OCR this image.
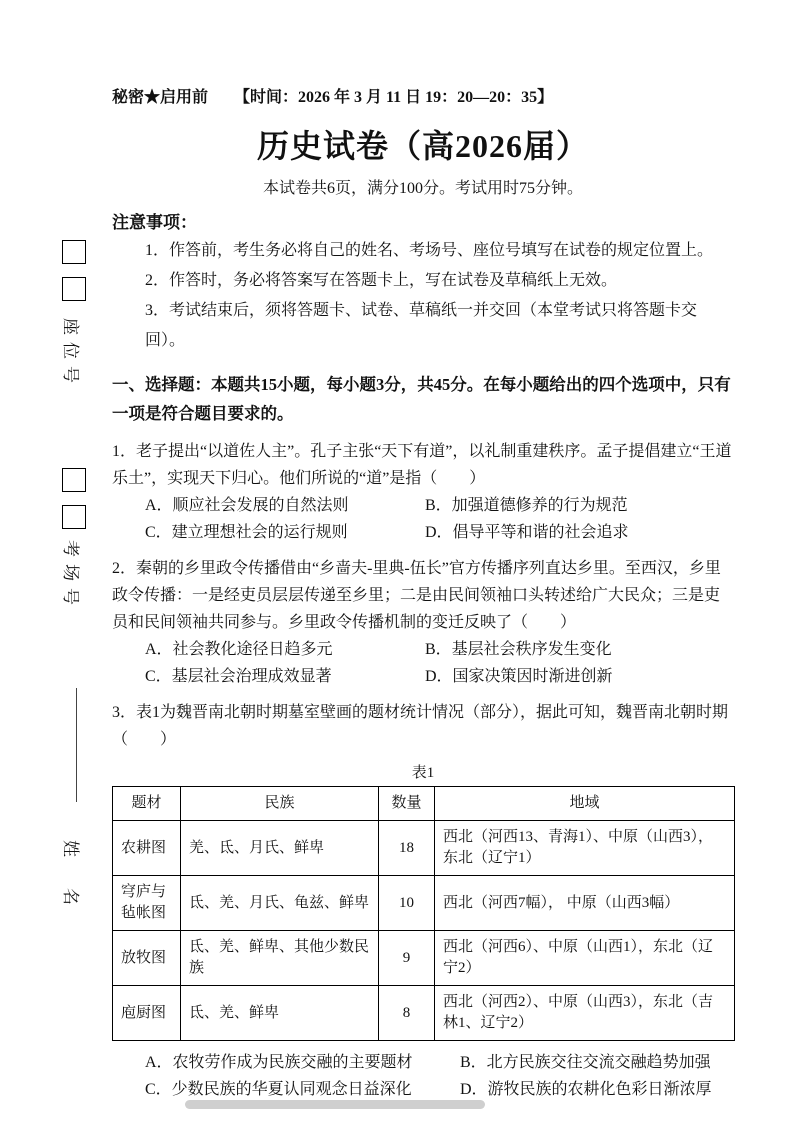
座位号
考场号
姓　名
秘密★启用前 【时间：2026 年 3 月 11 日 19：20—20：35】
历史试卷（高2026届）
本试卷共6页，满分100分。考试用时75分钟。
注意事项：
1．作答前，考生务必将自己的姓名、考场号、座位号填写在试卷的规定位置上。
2．作答时，务必将答案写在答题卡上，写在试卷及草稿纸上无效。
3．考试结束后，须将答题卡、试卷、草稿纸一并交回（本堂考试只将答题卡交回）。
一、选择题：本题共15小题，每小题3分，共45分。在每小题给出的四个选项中，只有一项是符合题目要求的。
1．老子提出“以道佐人主”。孔子主张“天下有道”，以礼制重建秩序。孟子提倡建立“王道乐土”，实现天下归心。他们所说的“道”是指（　　）
A．顺应社会发展的自然法则	B．加强道德修养的行为规范
C．建立理想社会的运行规则	D．倡导平等和谐的社会追求
2．秦朝的乡里政令传播借由“乡啬夫-里典-伍长”官方传播序列直达乡里。至西汉，乡里政令传播：一是经吏员层层传递至乡里；二是由民间领袖口头转述给广大民众；三是吏员和民间领袖共同参与。乡里政令传播机制的变迁反映了（　　）
A．社会教化途径日趋多元	B．基层社会秩序发生变化
C．基层社会治理成效显著	D．国家决策因时渐进创新
3．表1为魏晋南北朝时期墓室壁画的题材统计情况（部分），据此可知，魏晋南北朝时期（　　）
表1
题材	民族	数量	地域
农耕图	羌、氐、月氏、鲜卑	18	西北（河西13、青海1）、中原（山西3），东北（辽宁1）
穹庐与毡帐图	氐、羌、月氏、龟兹、鲜卑	10	西北（河西7幅）， 中原（山西3幅）
放牧图	氐、羌、鲜卑、其他少数民族	9	西北（河西6）、中原（山西1），东北（辽宁2）
庖厨图	氐、羌、鲜卑	8	西北（河西2）、中原（山西3），东北（吉林1、辽宁2）
A．农牧劳作成为民族交融的主要题材	B．北方民族交往交流交融趋势加强
C．少数民族的华夏认同观念日益深化	D．游牧民族的农耕化色彩日渐浓厚
